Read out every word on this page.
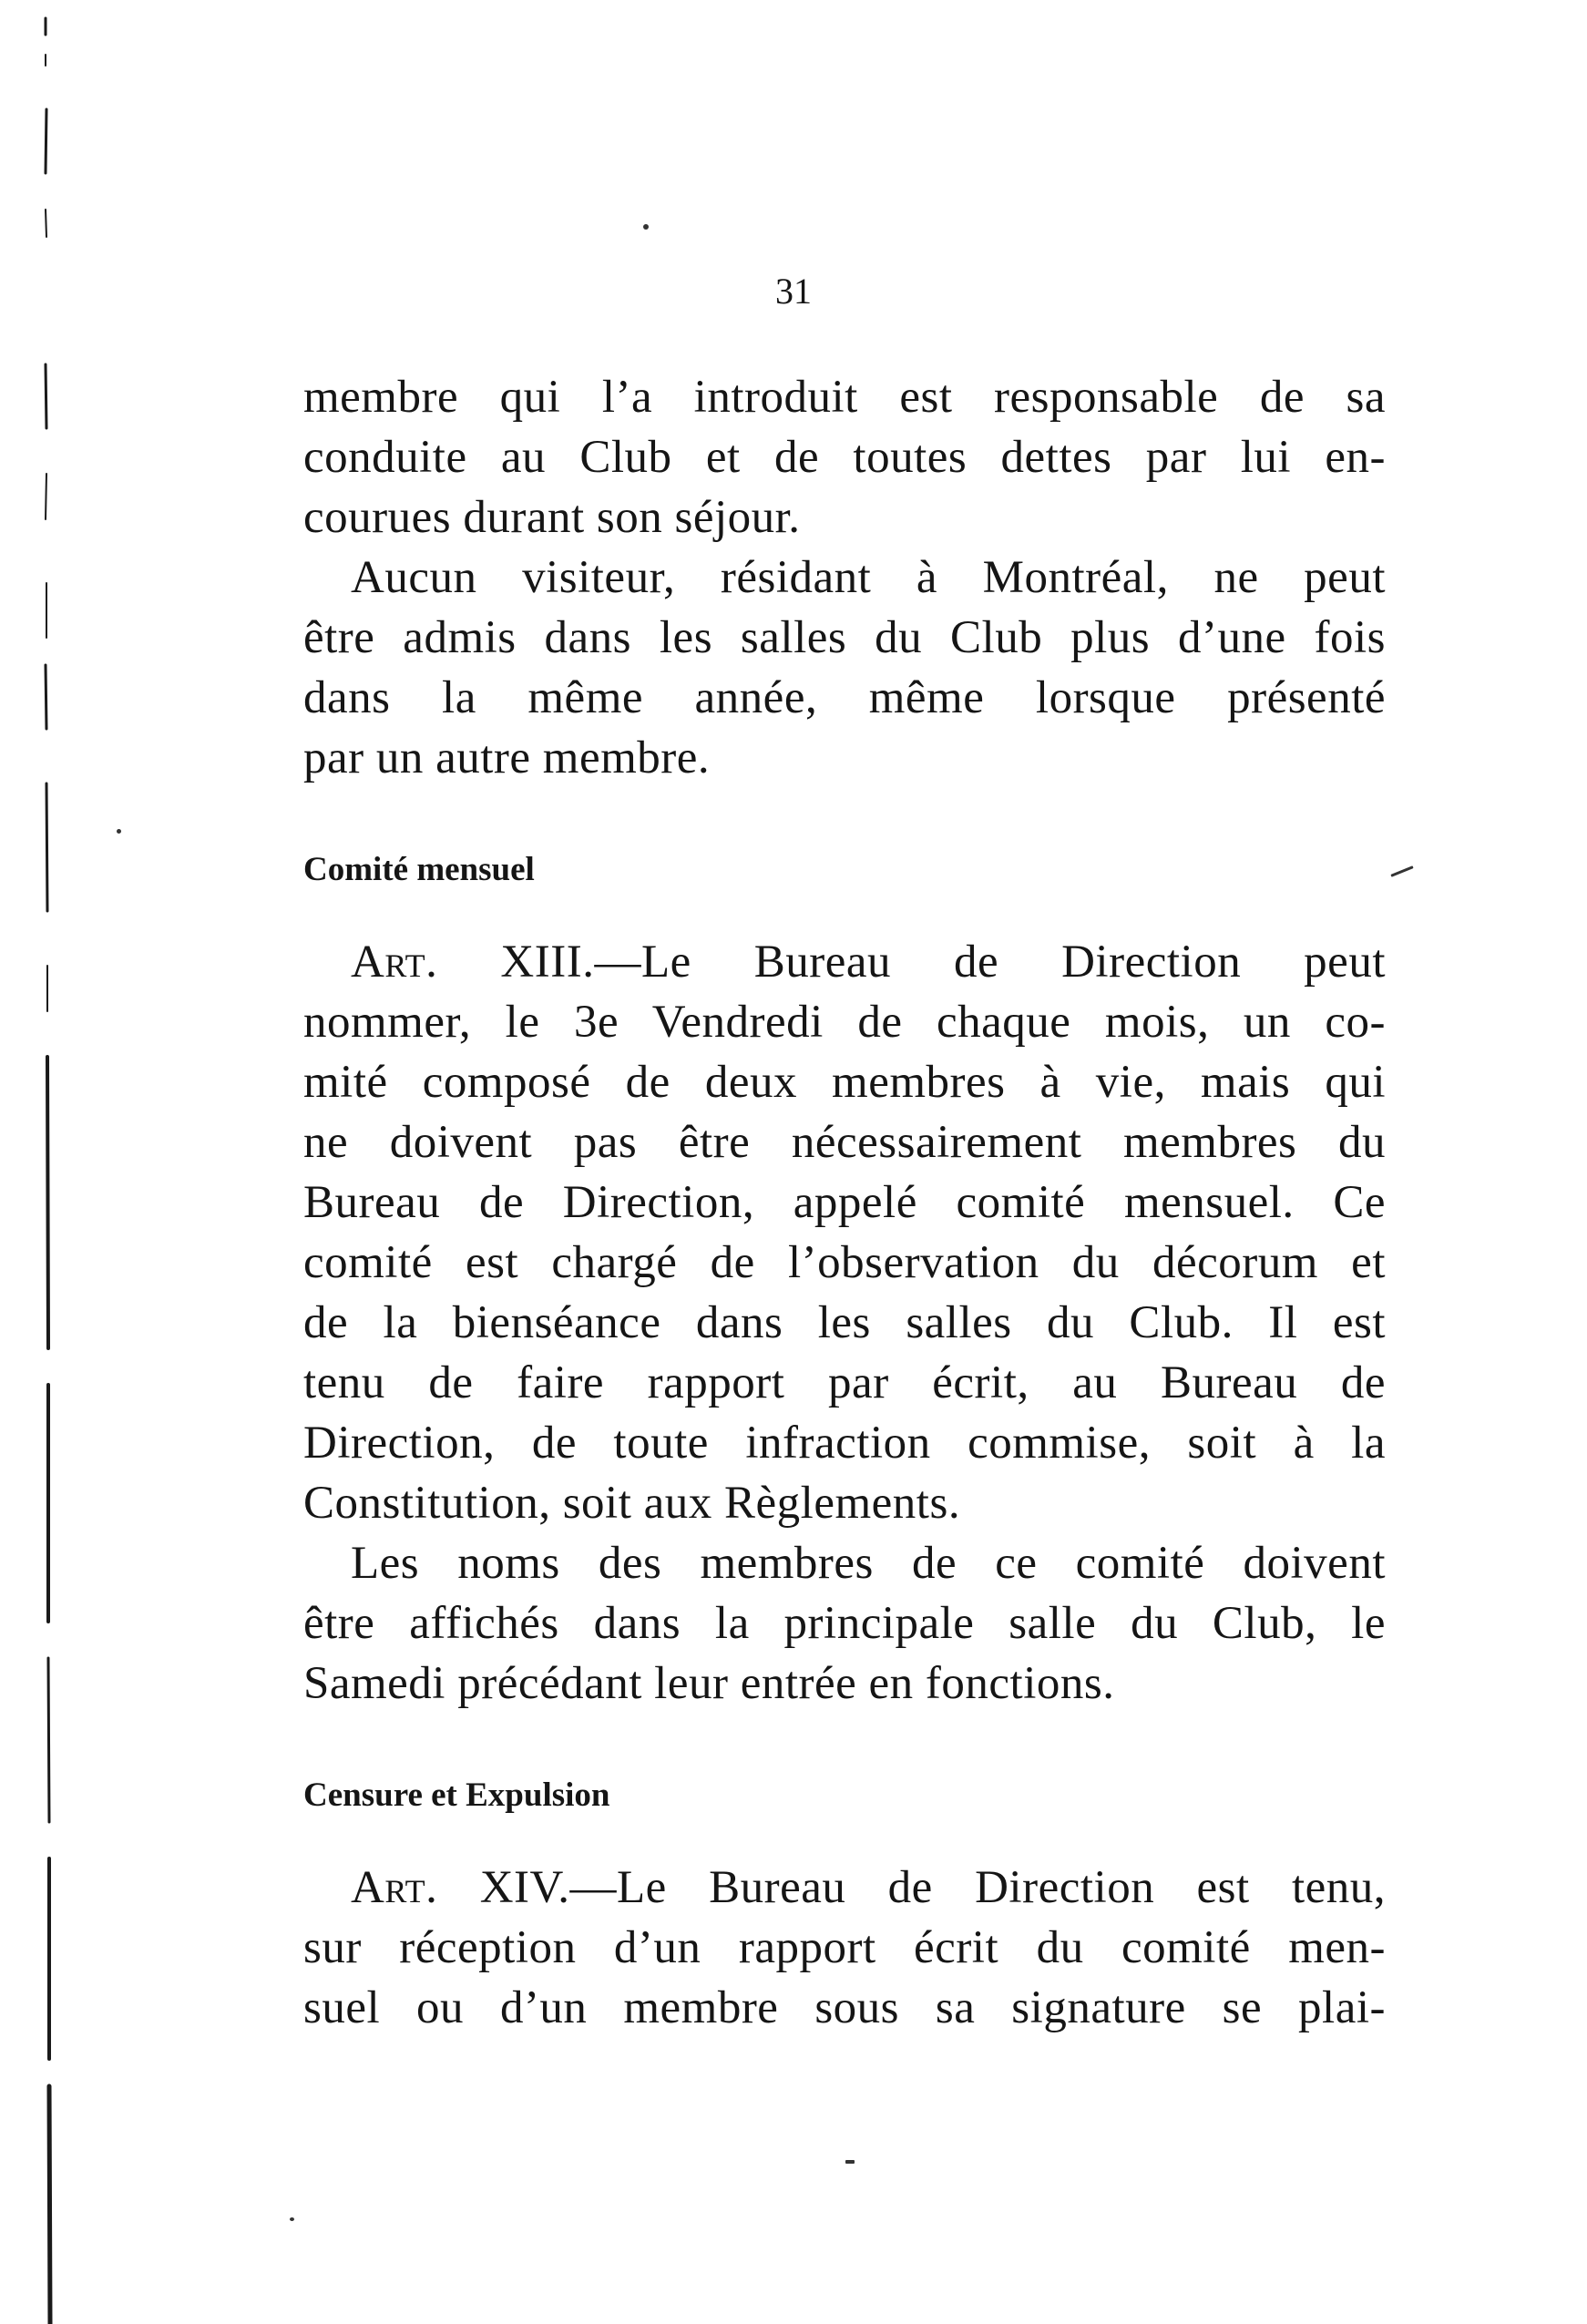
31

membre qui l’a introduit est responsable de sa
conduite au Club et de toutes dettes par lui en-
courues durant son séjour.

Aucun visiteur, résidant à Montréal, ne peut
être admis dans les salles du Club plus d’une fois
dans la même année, même lorsque présenté
par un autre membre.

Comité mensuel

Art. XIII.—Le Bureau de Direction peut
nommer, le 3e Vendredi de chaque mois, un co-
mité composé de deux membres à vie, mais qui
ne doivent pas être nécessairement membres du
Bureau de Direction, appelé comité mensuel. Ce
comité est chargé de l’observation du décorum et
de la bienséance dans les salles du Club. Il est
tenu de faire rapport par écrit, au Bureau de
Direction, de toute infraction commise, soit à la
Constitution, soit aux Règlements.

Les noms des membres de ce comité doivent
être affichés dans la principale salle du Club, le
Samedi précédant leur entrée en fonctions.

Censure et Expulsion

Art. XIV.—Le Bureau de Direction est tenu,
sur réception d’un rapport écrit du comité men-
suel ou d’un membre sous sa signature se plai-
